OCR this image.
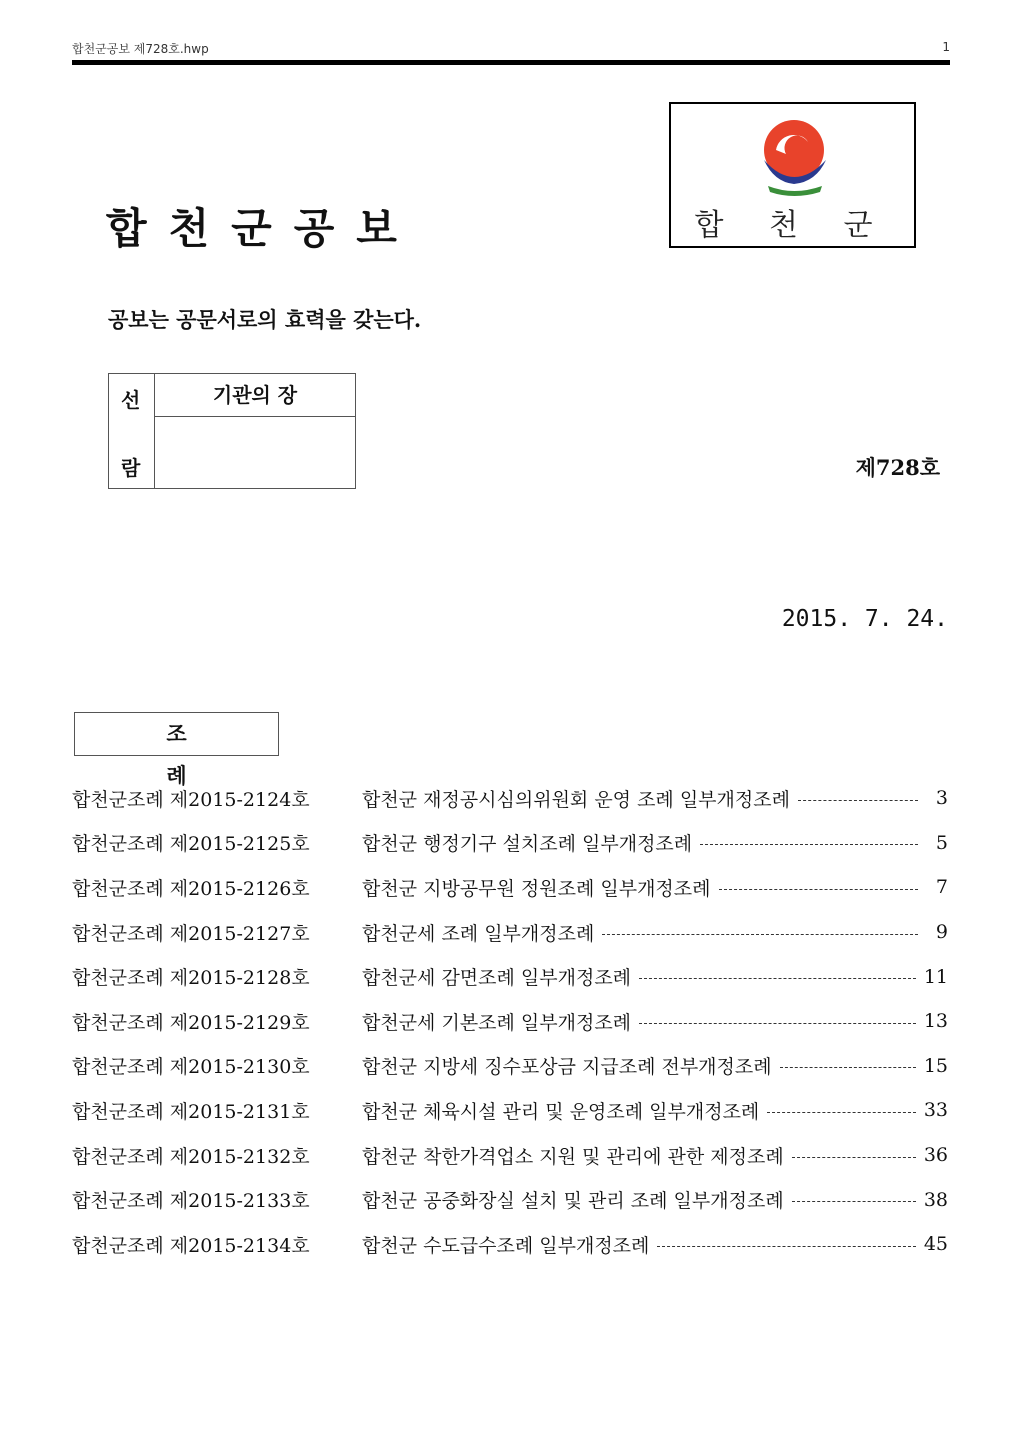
합천군공보 제728호.hwp	1
합천군공보	합 천 군
공보는 공문서로의 효력을 갖는다.
선
람
기관의 장
제728호
2015. 7. 24.
조 례
합천군조례 제2015-2124호	합천군 재정공시심의위원회 운영 조례 일부개정조례	3
합천군조례 제2015-2125호	합천군 행정기구 설치조례 일부개정조례	5
합천군조례 제2015-2126호	합천군 지방공무원 정원조례 일부개정조례	7
합천군조례 제2015-2127호	합천군세 조례 일부개정조례	9
합천군조례 제2015-2128호	합천군세 감면조례 일부개정조례	11
합천군조례 제2015-2129호	합천군세 기본조례 일부개정조례	13
합천군조례 제2015-2130호	합천군 지방세 징수포상금 지급조례 전부개정조례	15
합천군조례 제2015-2131호	합천군 체육시설 관리 및 운영조례 일부개정조례	33
합천군조례 제2015-2132호	합천군 착한가격업소 지원 및 관리에 관한 제정조례	36
합천군조례 제2015-2133호	합천군 공중화장실 설치 및 관리 조례 일부개정조례	38
합천군조례 제2015-2134호	합천군 수도급수조례 일부개정조례	45
